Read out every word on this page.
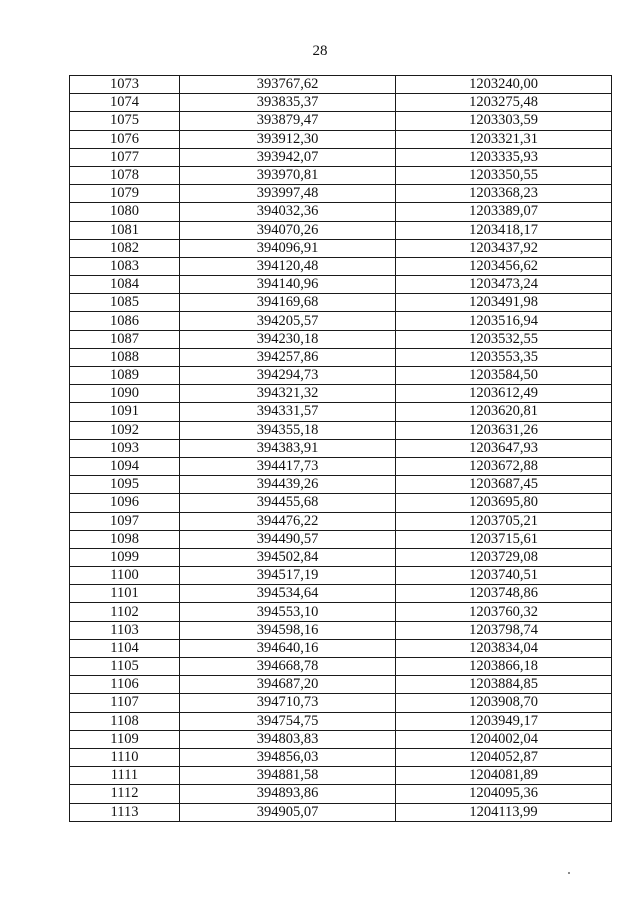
28
1073	393767,62	1203240,00
1074	393835,37	1203275,48
1075	393879,47	1203303,59
1076	393912,30	1203321,31
1077	393942,07	1203335,93
1078	393970,81	1203350,55
1079	393997,48	1203368,23
1080	394032,36	1203389,07
1081	394070,26	1203418,17
1082	394096,91	1203437,92
1083	394120,48	1203456,62
1084	394140,96	1203473,24
1085	394169,68	1203491,98
1086	394205,57	1203516,94
1087	394230,18	1203532,55
1088	394257,86	1203553,35
1089	394294,73	1203584,50
1090	394321,32	1203612,49
1091	394331,57	1203620,81
1092	394355,18	1203631,26
1093	394383,91	1203647,93
1094	394417,73	1203672,88
1095	394439,26	1203687,45
1096	394455,68	1203695,80
1097	394476,22	1203705,21
1098	394490,57	1203715,61
1099	394502,84	1203729,08
1100	394517,19	1203740,51
1101	394534,64	1203748,86
1102	394553,10	1203760,32
1103	394598,16	1203798,74
1104	394640,16	1203834,04
1105	394668,78	1203866,18
1106	394687,20	1203884,85
1107	394710,73	1203908,70
1108	394754,75	1203949,17
1109	394803,83	1204002,04
1110	394856,03	1204052,87
1111	394881,58	1204081,89
1112	394893,86	1204095,36
1113	394905,07	1204113,99
